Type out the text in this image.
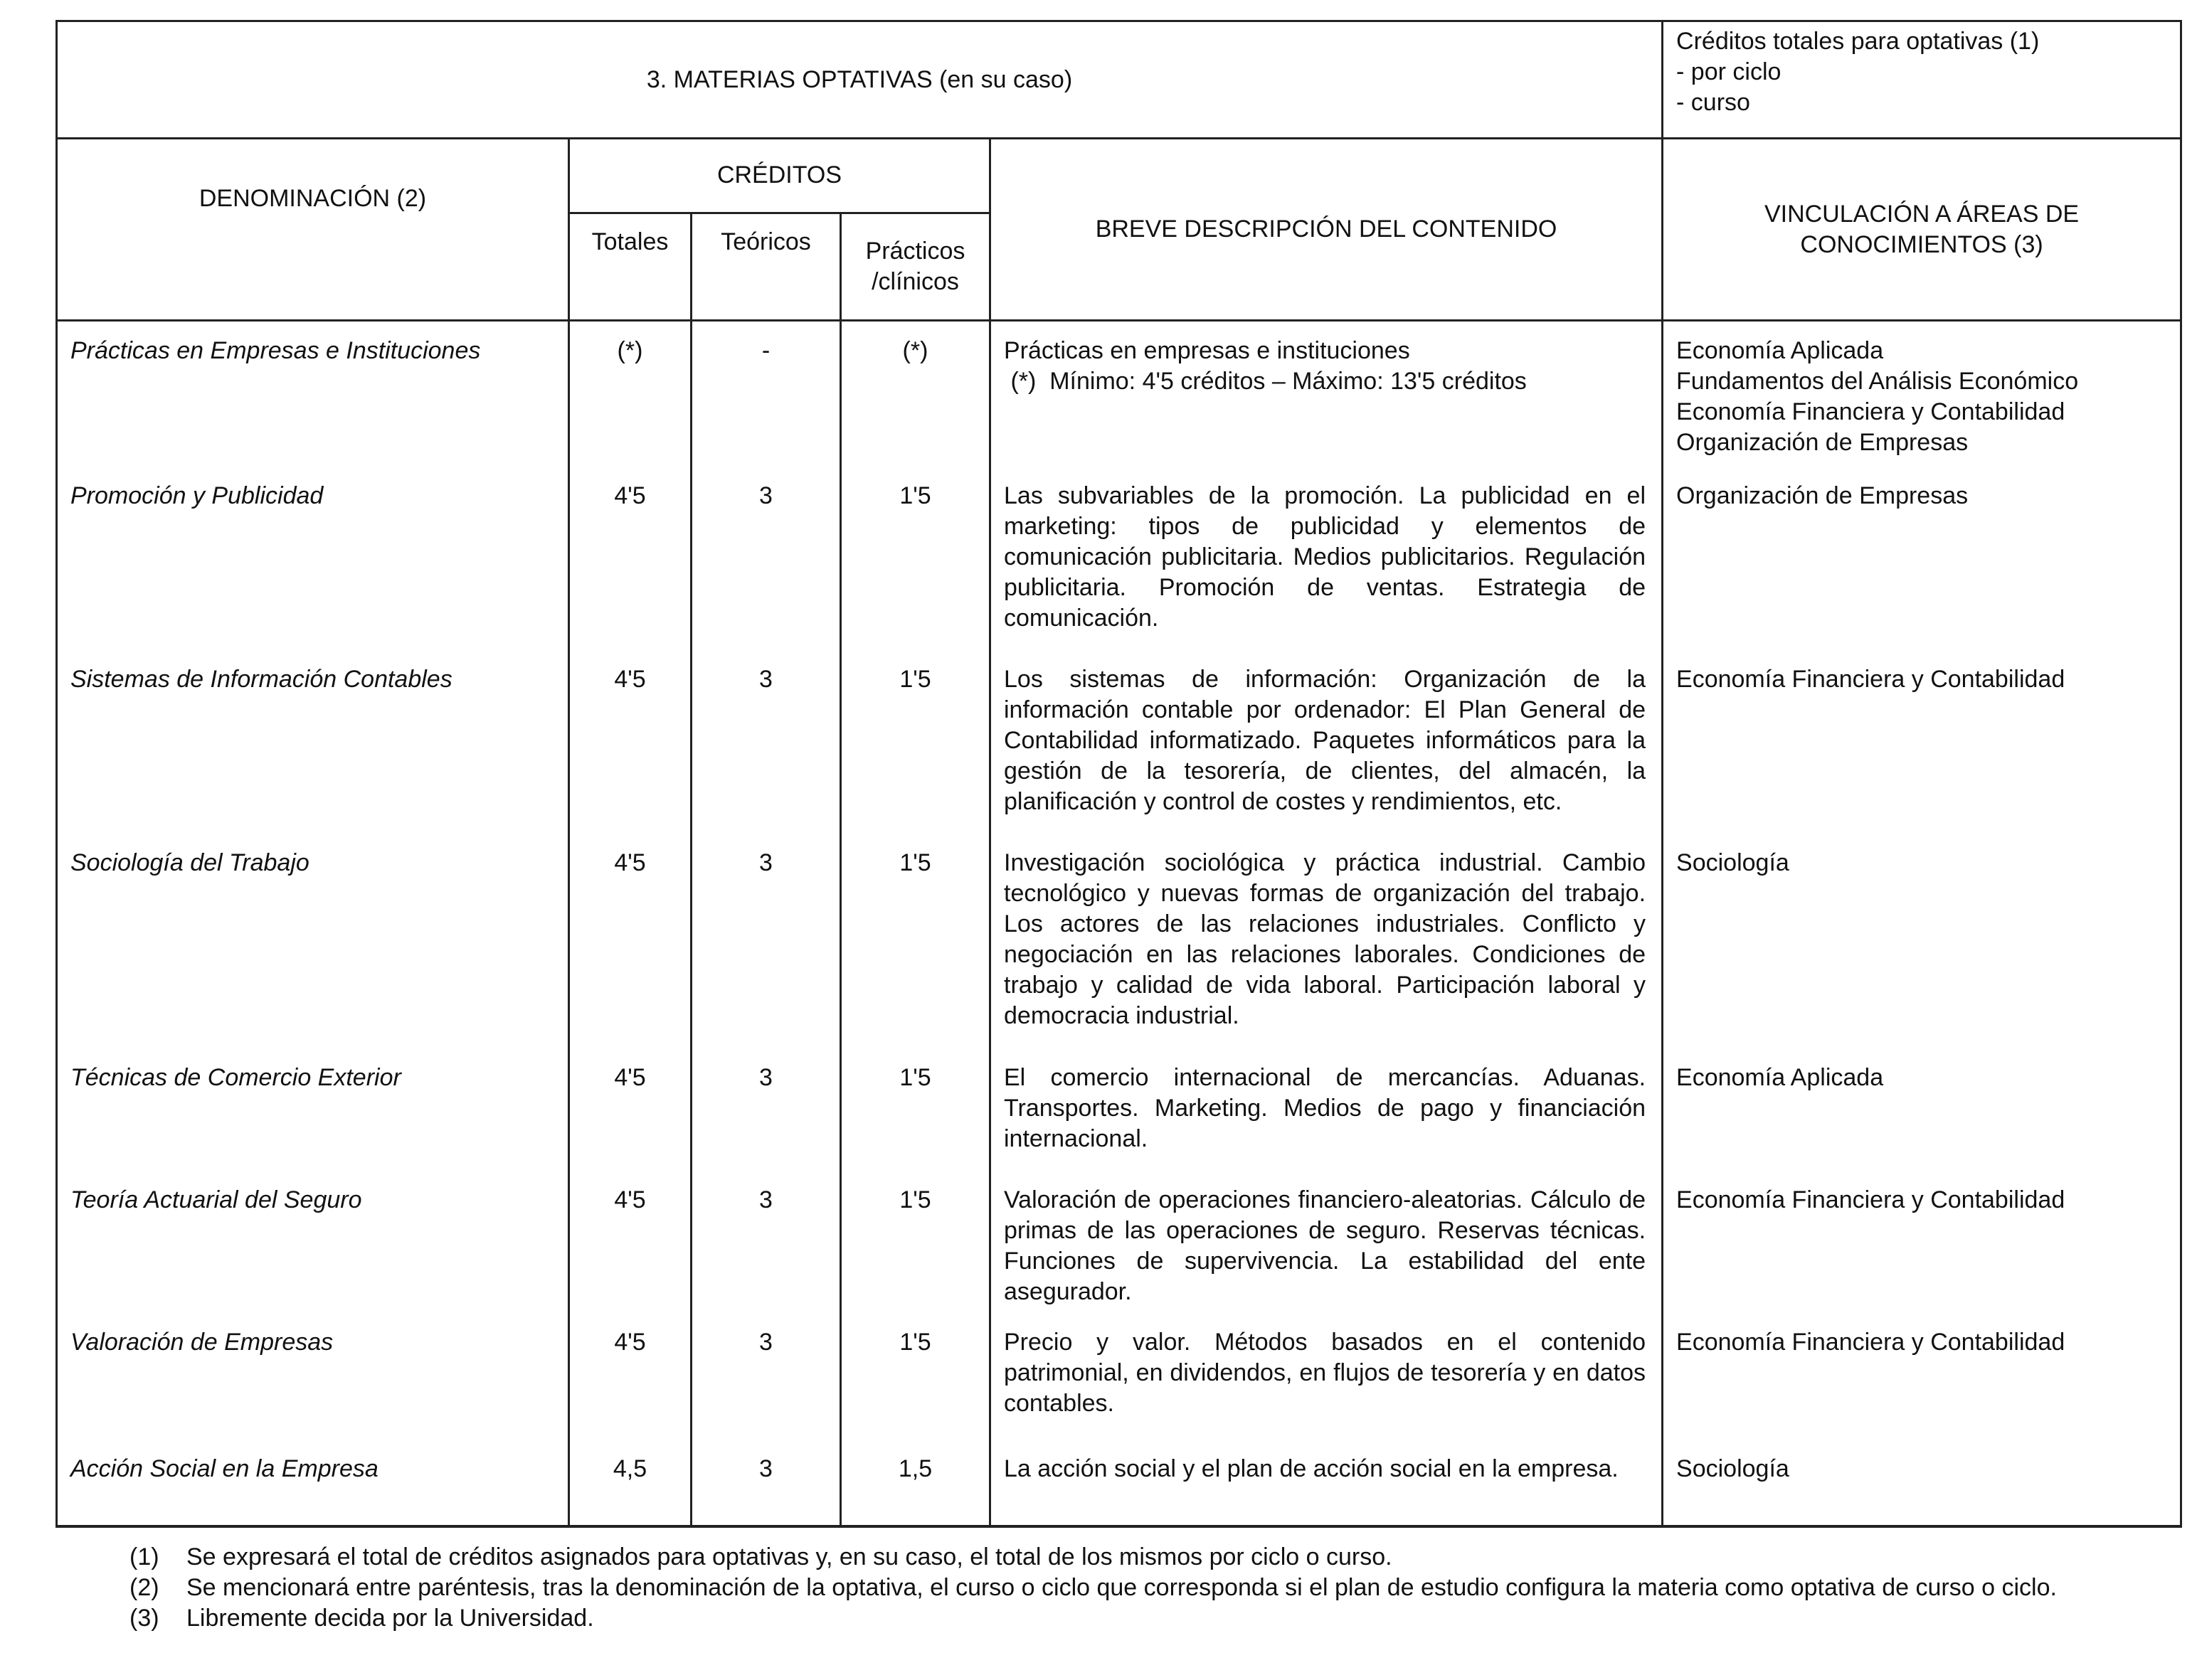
3. MATERIAS OPTATIVAS (en su caso)					Créditos totales para optativas (1)
- por ciclo
- curso

DENOMINACIÓN (2)	CRÉDITOS			BREVE DESCRIPCIÓN DEL CONTENIDO	VINCULACIÓN A ÁREAS DE
CONOCIMIENTOS (3)

	Totales	Teóricos	Prácticos
/clínicos		

Prácticas en Empresas e Instituciones	(*)	-	(*)	Prácticas en empresas e instituciones
(*)  Mínimo: 4'5 créditos – Máximo: 13'5 créditos	Economía Aplicada
Fundamentos del Análisis Económico
Economía Financiera y Contabilidad
Organización de Empresas

Promoción y Publicidad	4'5	3	1'5	Las subvariables de la promoción. La publicidad en el marketing: tipos de publicidad y elementos de comunicación publicitaria. Medios publicitarios. Regulación publicitaria. Promoción de ventas. Estrategia de comunicación.	Organización de Empresas

Sistemas de Información Contables	4'5	3	1'5	Los sistemas de información: Organización de la información contable por ordenador: El Plan General de Contabilidad informatizado. Paquetes informáticos para la gestión de la tesorería, de clientes, del almacén, la planificación y control de costes y rendimientos, etc.	Economía Financiera y Contabilidad

Sociología del Trabajo	4'5	3	1'5	Investigación sociológica y práctica industrial. Cambio tecnológico y nuevas formas de organización del trabajo. Los actores de las relaciones industriales. Conflicto y negociación en las relaciones laborales. Condiciones de trabajo y calidad de vida laboral. Participación laboral y democracia industrial.	Sociología

Técnicas de Comercio Exterior	4'5	3	1'5	El comercio internacional de mercancías. Aduanas. Transportes. Marketing. Medios de pago y financiación internacional.	Economía Aplicada

Teoría Actuarial del Seguro	4'5	3	1'5	Valoración de operaciones financiero-aleatorias. Cálculo de primas de las operaciones de seguro. Reservas técnicas. Funciones de supervivencia. La estabilidad del ente asegurador.	Economía Financiera y Contabilidad

Valoración de Empresas	4'5	3	1'5	Precio y valor. Métodos basados en el contenido patrimonial, en dividendos, en flujos de tesorería y en datos contables.	Economía Financiera y Contabilidad

Acción Social en la Empresa	4,5	3	1,5	La acción social y el plan de acción social en la empresa.	Sociología
(1)	Se expresará el total de créditos asignados para optativas y, en su caso, el total de los mismos por ciclo o curso.
(2)	Se mencionará entre paréntesis, tras la denominación de la optativa, el curso o ciclo que corresponda si el plan de estudio configura la materia como optativa de curso o ciclo.
(3)	Libremente decida por la Universidad.
